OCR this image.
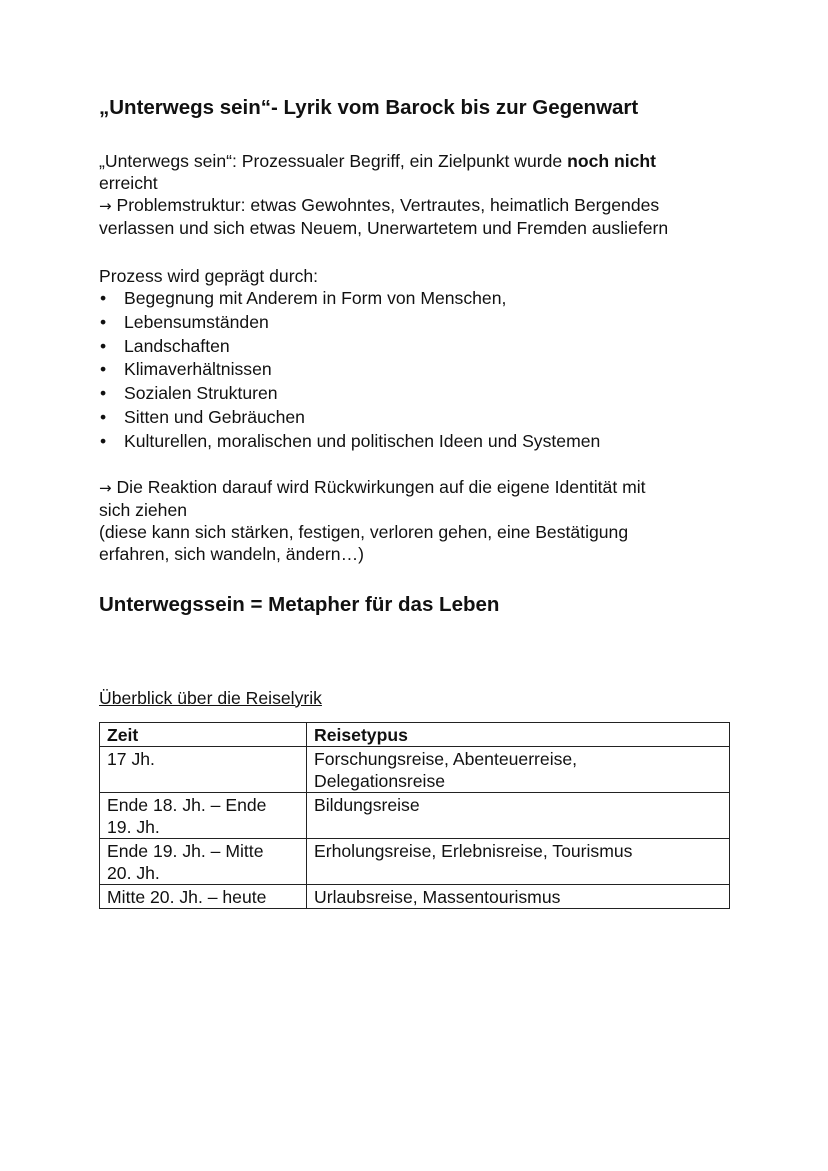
„Unterwegs sein“- Lyrik vom Barock bis zur Gegenwart
„Unterwegs sein“: Prozessualer Begriff, ein Zielpunkt wurde noch nicht
erreicht
→ Problemstruktur: etwas Gewohntes, Vertrautes, heimatlich Bergendes
verlassen und sich etwas Neuem, Unerwartetem und Fremden ausliefern
Prozess wird geprägt durch:
• Begegnung mit Anderem in Form von Menschen,
• Lebensumständen
• Landschaften
• Klimaverhältnissen
• Sozialen Strukturen
• Sitten und Gebräuchen
• Kulturellen, moralischen und politischen Ideen und Systemen
→ Die Reaktion darauf wird Rückwirkungen auf die eigene Identität mit
sich ziehen
(diese kann sich stärken, festigen, verloren gehen, eine Bestätigung
erfahren, sich wandeln, ändern…)
Unterwegssein = Metapher für das Leben
Überblick über die Reiselyrik
Zeit	Reisetypus

17 Jh.	Forschungsreise, Abenteuerreise,
Delegationsreise

Ende 18. Jh. – Ende
19. Jh.	Bildungsreise

Ende 19. Jh. – Mitte
20. Jh.	Erholungsreise, Erlebnisreise, Tourismus

Mitte 20. Jh. – heute	Urlaubsreise, Massentourismus
